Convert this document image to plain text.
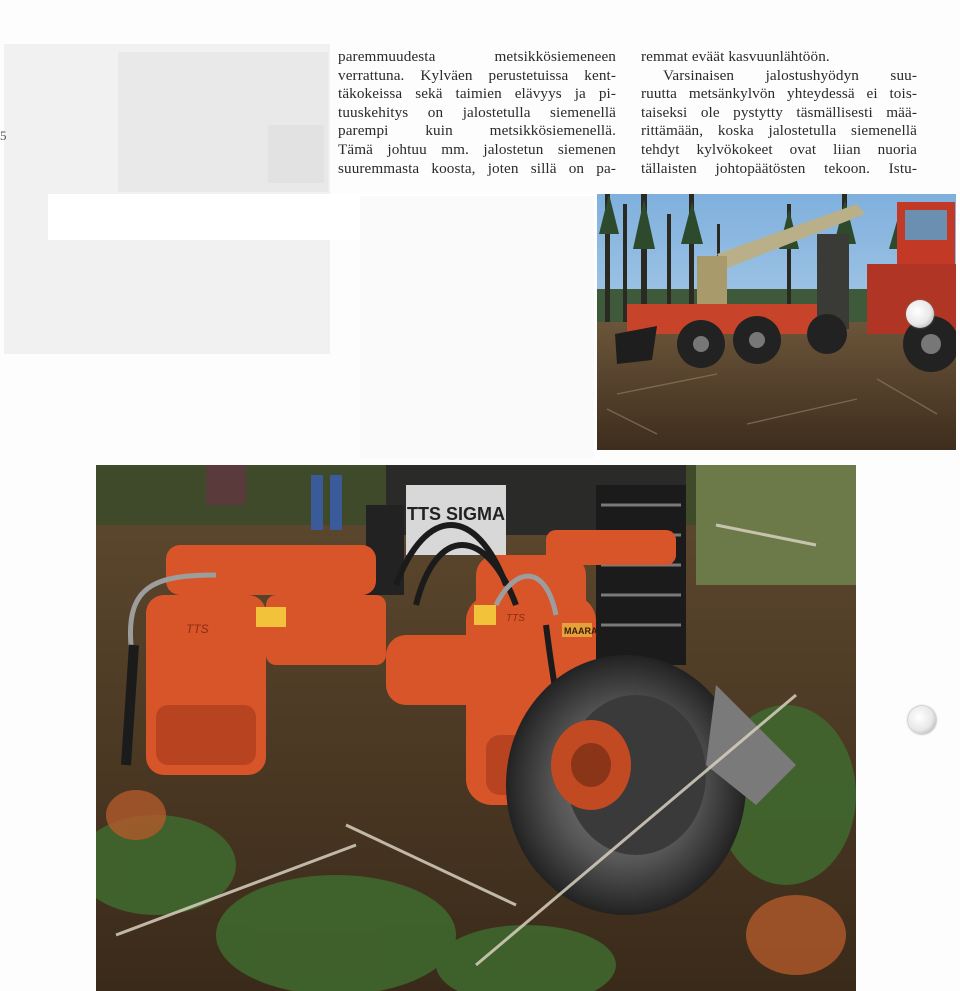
5
paremmuudesta metsikkösiemeneen
verrattuna. Kylväen perustetuissa kent-
täkokeissa sekä taimien elävyys ja pi-
tuuskehitys on jalostetulla siemenellä
parempi kuin metsikkösiemenellä.
Tämä johtuu mm. jalostetun siemenen
suuremmasta koosta, joten sillä on pa-
remmat eväät kasvuunlähtöön.
Varsinaisen jalostushyödyn suu-
ruutta metsänkylvön yhteydessä ei tois-
taiseksi ole pystytty täsmällisesti mää-
rittämään, koska jalostetulla siemenellä
tehdyt kylvökokeet ovat liian nuoria
tällaisten johtopäätösten tekoon. Istu-
TTS SIGMA
TTS
TTS
MAARA
